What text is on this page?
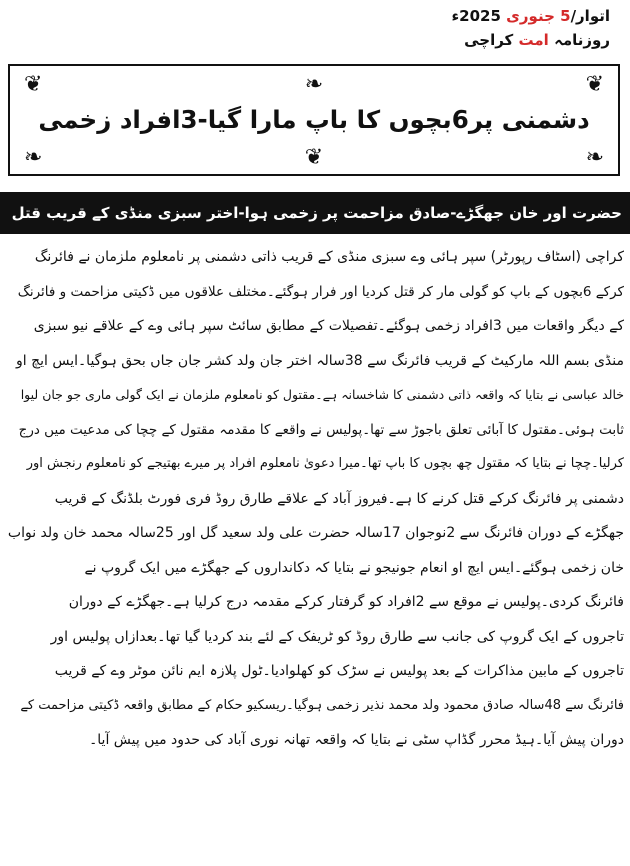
اتوار/5 جنوری 2025ء
روزنامہ امت کراچی
❦	❦
❧
❧	❧
❦
دشمنی پر6بچوں کا باپ مارا گیا-3افراد زخمی
حضرت اور خان جھگڑے-صادق مزاحمت پر زخمی ہوا-اختر سبزی منڈی کے قریب قتل

کراچی (اسٹاف رپورٹر) سپر ہائی وے سبزی منڈی کے قریب ذاتی دشمنی پر نامعلوم ملزمان نے فائرنگ

کرکے 6بچوں کے باپ کو گولی مار کر قتل کردیا اور فرار ہوگئے۔مختلف علاقوں میں ڈکیتی مزاحمت و فائرنگ

کے دیگر واقعات میں 3افراد زخمی ہوگئے۔تفصیلات کے مطابق سائٹ سپر ہائی وے کے علاقے نیو سبزی

منڈی بسم اللہ مارکیٹ کے قریب فائرنگ سے 38سالہ اختر جان ولد کشر جان جاں بحق ہوگیا۔ایس ایچ او

خالد عباسی نے بتایا کہ واقعہ ذاتی دشمنی کا شاخسانہ ہے۔مقتول کو نامعلوم ملزمان نے ایک گولی ماری جو جان لیوا

ثابت ہوئی۔مقتول کا آبائی تعلق باجوڑ سے تھا۔پولیس نے واقعے کا مقدمہ مقتول کے چچا کی مدعیت میں درج

کرلیا۔چچا نے بتایا کہ مقتول چھ بچوں کا باپ تھا۔میرا دعویٰ نامعلوم افراد پر میرے بھتیجے کو نامعلوم رنجش اور

دشمنی پر فائرنگ کرکے قتل کرنے کا ہے۔فیروز آباد کے علاقے طارق روڈ فری فورٹ بلڈنگ کے قریب

جھگڑے کے دوران فائرنگ سے 2نوجوان 17سالہ حضرت علی ولد سعید گل اور 25سالہ محمد خان ولد نواب

خان زخمی ہوگئے۔ایس ایچ او انعام جونیجو نے بتایا کہ دکانداروں کے جھگڑے میں ایک گروپ نے

فائرنگ کردی۔پولیس نے موقع سے 2افراد کو گرفتار کرکے مقدمہ درج کرلیا ہے۔جھگڑے کے دوران

تاجروں کے ایک گروپ کی جانب سے طارق روڈ کو ٹریفک کے لئے بند کردیا گیا تھا۔بعدازاں پولیس اور

تاجروں کے مابین مذاکرات کے بعد پولیس نے سڑک کو کھلوادیا۔ٹول پلازہ ایم نائن موٹر وے کے قریب

فائرنگ سے 48سالہ صادق محمود ولد محمد نذیر زخمی ہوگیا۔ریسکیو حکام کے مطابق واقعہ ڈکیتی مزاحمت کے

دوران پیش آیا۔ہیڈ محرر گڈاپ سٹی نے بتایا کہ واقعہ تھانہ نوری آباد کی حدود میں پیش آیا۔
